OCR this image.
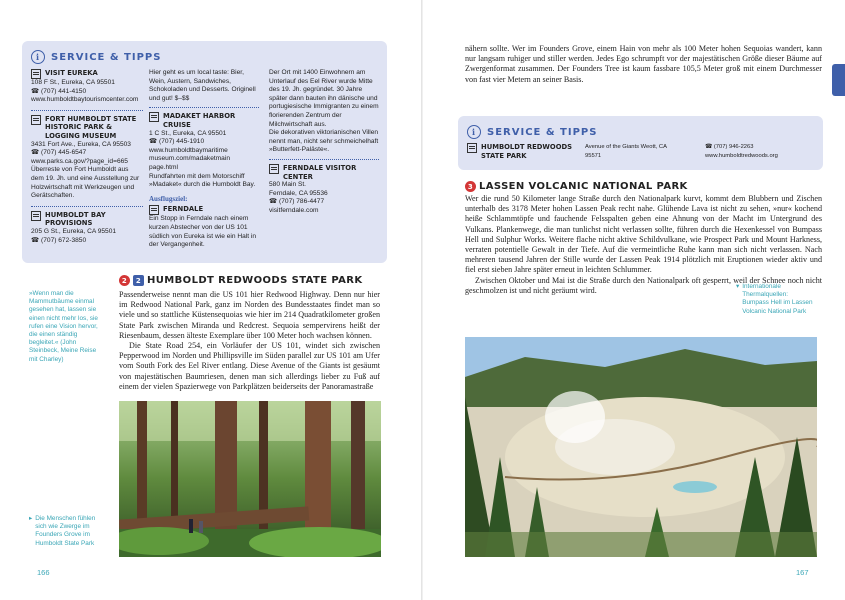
i	SERVICE & TIPPS
VISIT EUREKA
108 F St., Eureka, CA 95501
☎ (707) 441-4150
www.humboldtbaytourismcenter.com
FORT HUMBOLDT STATE HISTORIC PARK & LOGGING MUSEUM
3431 Fort Ave., Eureka, CA 95503
☎ (707) 445-6547
www.parks.ca.gov/?page_id=665
Überreste von Fort Humboldt aus dem 19. Jh. und eine Ausstellung zur Holzwirtschaft mit Werkzeugen und Gerätschaften.
HUMBOLDT BAY PROVISIONS
205 G St., Eureka, CA 95501
☎ (707) 672-3850
Hier geht es um local taste: Bier, Wein, Austern, Sandwiches, Schokoladen und Desserts. Originell und gut! $–$$
MADAKET HARBOR CRUISE
1 C St., Eureka, CA 95501
☎ (707) 445-1910
www.humboldtbaymaritime museum.com/madaketmain page.html
Rundfahrten mit dem Motorschiff »Madaket« durch die Humboldt Bay.
Ausflugsziel:
FERNDALE
Ein Stopp in Ferndale nach einem kurzen Abstecher von der US 101 südlich von Eureka ist wie ein Halt in der Vergangenheit.
Der Ort mit 1400 Einwohnern am Unterlauf des Eel River wurde Mitte des 19. Jh. gegründet. 30 Jahre später dann bauten ihn dänische und portugiesische Immigranten zu einem florierenden Zentrum der Milchwirtschaft aus.
Die dekorativen viktorianischen Villen nennt man, nicht sehr schmeichelhaft »Butterfett-Paläste«.
FERNDALE VISITOR CENTER
580 Main St.
Ferndale, CA 95536
☎ (707) 786-4477
visitferndale.com
2	2 HUMBOLDT REDWOODS STATE PARK

Passenderweise nennt man die US 101 hier Redwood Highway. Denn nur hier im Redwood National Park, ganz im Norden des Bundesstaates findet man so viele und so stattliche Küstensequoias wie hier im 214 Quadratkilometer großen State Park zwischen Miranda und Redcrest. Sequoia sempervirens heißt der Riesenbaum, dessen älteste Exemplare über 100 Meter hoch wachsen können.

Die State Road 254, ein Vorläufer der US 101, windet sich zwischen Pepperwood im Norden und Phillipsville im Süden parallel zur US 101 am Ufer vom South Fork des Eel River entlang. Diese Avenue of the Giants ist gesäumt von majestätischen Baumriesen, denen man sich allerdings lieber zu Fuß auf einem der vielen Spazierwege von Parkplätzen beiderseits der Panoramastraße

»Wenn man die Mammutbäume einmal gesehen hat, lassen sie einen nicht mehr los, sie rufen eine Vision hervor, die einen ständig begleitet.« (John Steinbeck, Meine Reise mit Charley)
▸ Die Menschen fühlen sich wie Zwerge im Founders Grove im Humboldt State Park
166
nähern sollte. Wer im Founders Grove, einem Hain von mehr als 100 Meter hohen Sequoias wandert, kann nur langsam ruhiger und stiller werden. Jedes Ego schrumpft vor der majestätischen Größe dieser Bäume auf Zwergenformat zusammen. Der Founders Tree ist kaum fassbare 105,5 Meter groß mit einem Durchmesser von fast vier Metern an seiner Basis.
i	SERVICE & TIPPS
HUMBOLDT REDWOODS STATE PARK
Avenue of the Giants Weott, CA 95571
☎ (707) 946-2263
www.humboldtredwoods.org
3 LASSEN VOLCANIC NATIONAL PARK

Wer die rund 50 Kilometer lange Straße durch den Nationalpark kurvt, kommt dem Blubbern und Zischen unterhalb des 3178 Meter hohen Lassen Peak recht nahe. Glühende Lava ist nicht zu sehen, »nur« kochend heiße Schlammtöpfe und fauchende Felsspalten geben eine Ahnung von der Macht im Untergrund des Vulkans. Plankenwege, die man tunlichst nicht verlassen sollte, führen durch die Hexenkessel von Bumpass Hell und Sulphur Works. Weitere flache nicht aktive Schildvulkane, wie Prospect Park und Mount Harkness, verraten potentielle Gewalt in der Tiefe. Auf die vermeintliche Ruhe kann man sich nicht verlassen. Nach mehreren tausend Jahren der Stille wurde der Lassen Peak 1914 plötzlich mit Eruptionen wieder aktiv und fiel erst sieben Jahre später erneut in leichten Schlummer.

Zwischen Oktober und Mai ist die Straße durch den Nationalpark oft gesperrt, weil der Schnee noch nicht geschmolzen ist und nicht geräumt wird.	▾ Internationale Thermalquellen: Bumpass Hell im Lassen Volcanic National Park
167
